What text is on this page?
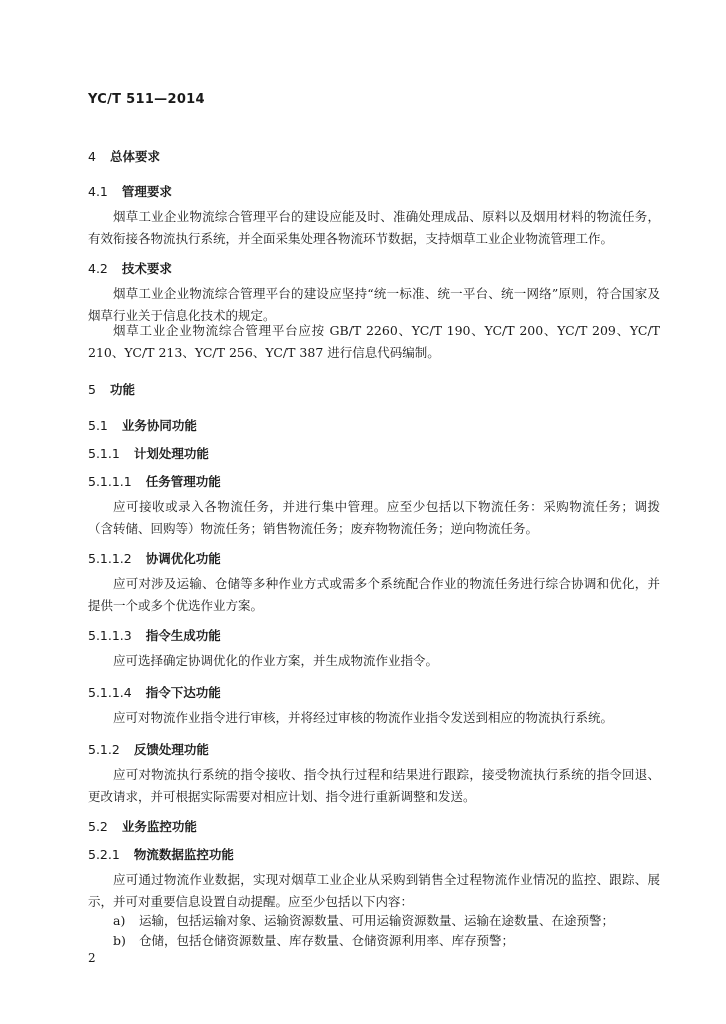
YC/T 511—2014
4 总体要求
4.1 管理要求

烟草工业企业物流综合管理平台的建设应能及时、准确处理成品、原料以及烟用材料的物流任务，有效衔接各物流执行系统，并全面采集处理各物流环节数据，支持烟草工业企业物流管理工作。

4.2 技术要求

烟草工业企业物流综合管理平台的建设应坚持“统一标准、统一平台、统一网络”原则，符合国家及烟草行业关于信息化技术的规定。

烟草工业企业物流综合管理平台应按 GB/T 2260、YC/T 190、YC/T 200、YC/T 209、YC/T 210、YC/T 213、YC/T 256、YC/T 387 进行信息代码编制。

5 功能
5.1 业务协同功能
5.1.1 计划处理功能
5.1.1.1 任务管理功能

应可接收或录入各物流任务，并进行集中管理。应至少包括以下物流任务：采购物流任务；调拨（含转储、回购等）物流任务；销售物流任务；废弃物物流任务；逆向物流任务。

5.1.1.2 协调优化功能

应可对涉及运输、仓储等多种作业方式或需多个系统配合作业的物流任务进行综合协调和优化，并提供一个或多个优选作业方案。

5.1.1.3 指令生成功能

应可选择确定协调优化的作业方案，并生成物流作业指令。

5.1.1.4 指令下达功能

应可对物流作业指令进行审核，并将经过审核的物流作业指令发送到相应的物流执行系统。

5.1.2 反馈处理功能

应可对物流执行系统的指令接收、指令执行过程和结果进行跟踪，接受物流执行系统的指令回退、更改请求，并可根据实际需要对相应计划、指令进行重新调整和发送。

5.2 业务监控功能
5.2.1 物流数据监控功能

应可通过物流作业数据，实现对烟草工业企业从采购到销售全过程物流作业情况的监控、跟踪、展示，并可对重要信息设置自动提醒。应至少包括以下内容：

a) 运输，包括运输对象、运输资源数量、可用运输资源数量、运输在途数量、在途预警；
b) 仓储，包括仓储资源数量、库存数量、仓储资源利用率、库存预警；
2
